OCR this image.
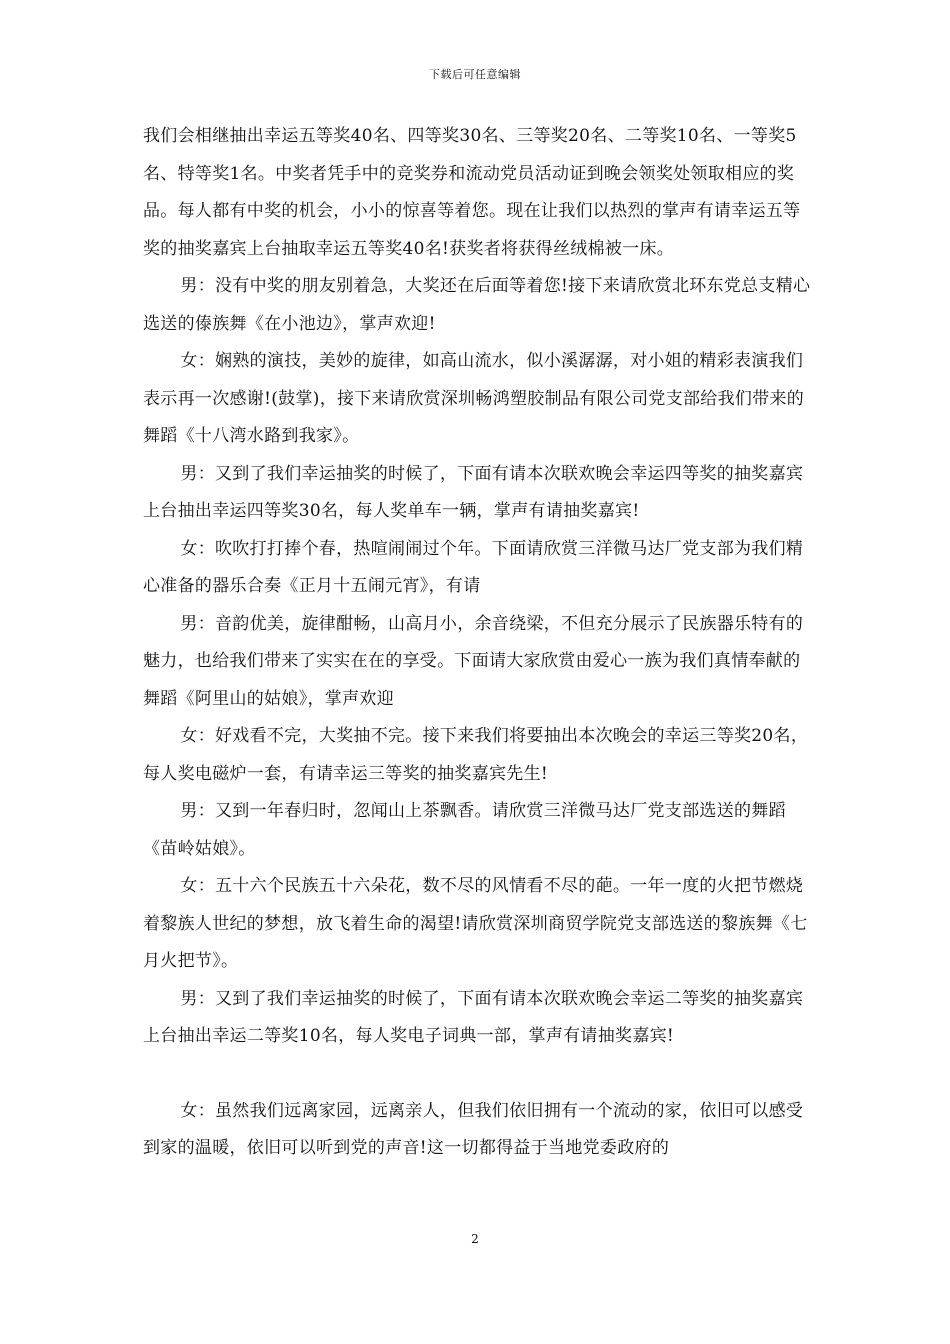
下载后可任意编辑

我们会相继抽出幸运五等奖40名、四等奖30名、三等奖20名、二等奖10名、一等奖5名、特等奖1名。中奖者凭手中的竞奖券和流动党员活动证到晚会领奖处领取相应的奖品。每人都有中奖的机会，小小的惊喜等着您。现在让我们以热烈的掌声有请幸运五等奖的抽奖嘉宾上台抽取幸运五等奖40名!获奖者将获得丝绒棉被一床。

男：没有中奖的朋友别着急，大奖还在后面等着您!接下来请欣赏北环东党总支精心选送的傣族舞《在小池边》，掌声欢迎!

女：娴熟的演技，美妙的旋律，如高山流水，似小溪潺潺，对小姐的精彩表演我们表示再一次感谢!(鼓掌)，接下来请欣赏深圳畅鸿塑胶制品有限公司党支部给我们带来的舞蹈《十八湾水路到我家》。

男：又到了我们幸运抽奖的时候了，下面有请本次联欢晚会幸运四等奖的抽奖嘉宾上台抽出幸运四等奖30名，每人奖单车一辆，掌声有请抽奖嘉宾!

女：吹吹打打捧个春，热喧闹闹过个年。下面请欣赏三洋微马达厂党支部为我们精心准备的器乐合奏《正月十五闹元宵》，有请

男：音韵优美，旋律酣畅，山高月小，余音绕梁，不但充分展示了民族器乐特有的魅力，也给我们带来了实实在在的享受。下面请大家欣赏由爱心一族为我们真情奉献的舞蹈《阿里山的姑娘》，掌声欢迎

女：好戏看不完，大奖抽不完。接下来我们将要抽出本次晚会的幸运三等奖20名，每人奖电磁炉一套，有请幸运三等奖的抽奖嘉宾先生!

男：又到一年春归时，忽闻山上茶飘香。请欣赏三洋微马达厂党支部选送的舞蹈《苗岭姑娘》。

女：五十六个民族五十六朵花，数不尽的风情看不尽的葩。一年一度的火把节燃烧着黎族人世纪的梦想，放飞着生命的渴望!请欣赏深圳商贸学院党支部选送的黎族舞《七月火把节》。

男：又到了我们幸运抽奖的时候了，下面有请本次联欢晚会幸运二等奖的抽奖嘉宾上台抽出幸运二等奖10名，每人奖电子词典一部，掌声有请抽奖嘉宾!

女：虽然我们远离家园，远离亲人，但我们依旧拥有一个流动的家，依旧可以感受到家的温暖，依旧可以听到党的声音!这一切都得益于当地党委政府的

2
